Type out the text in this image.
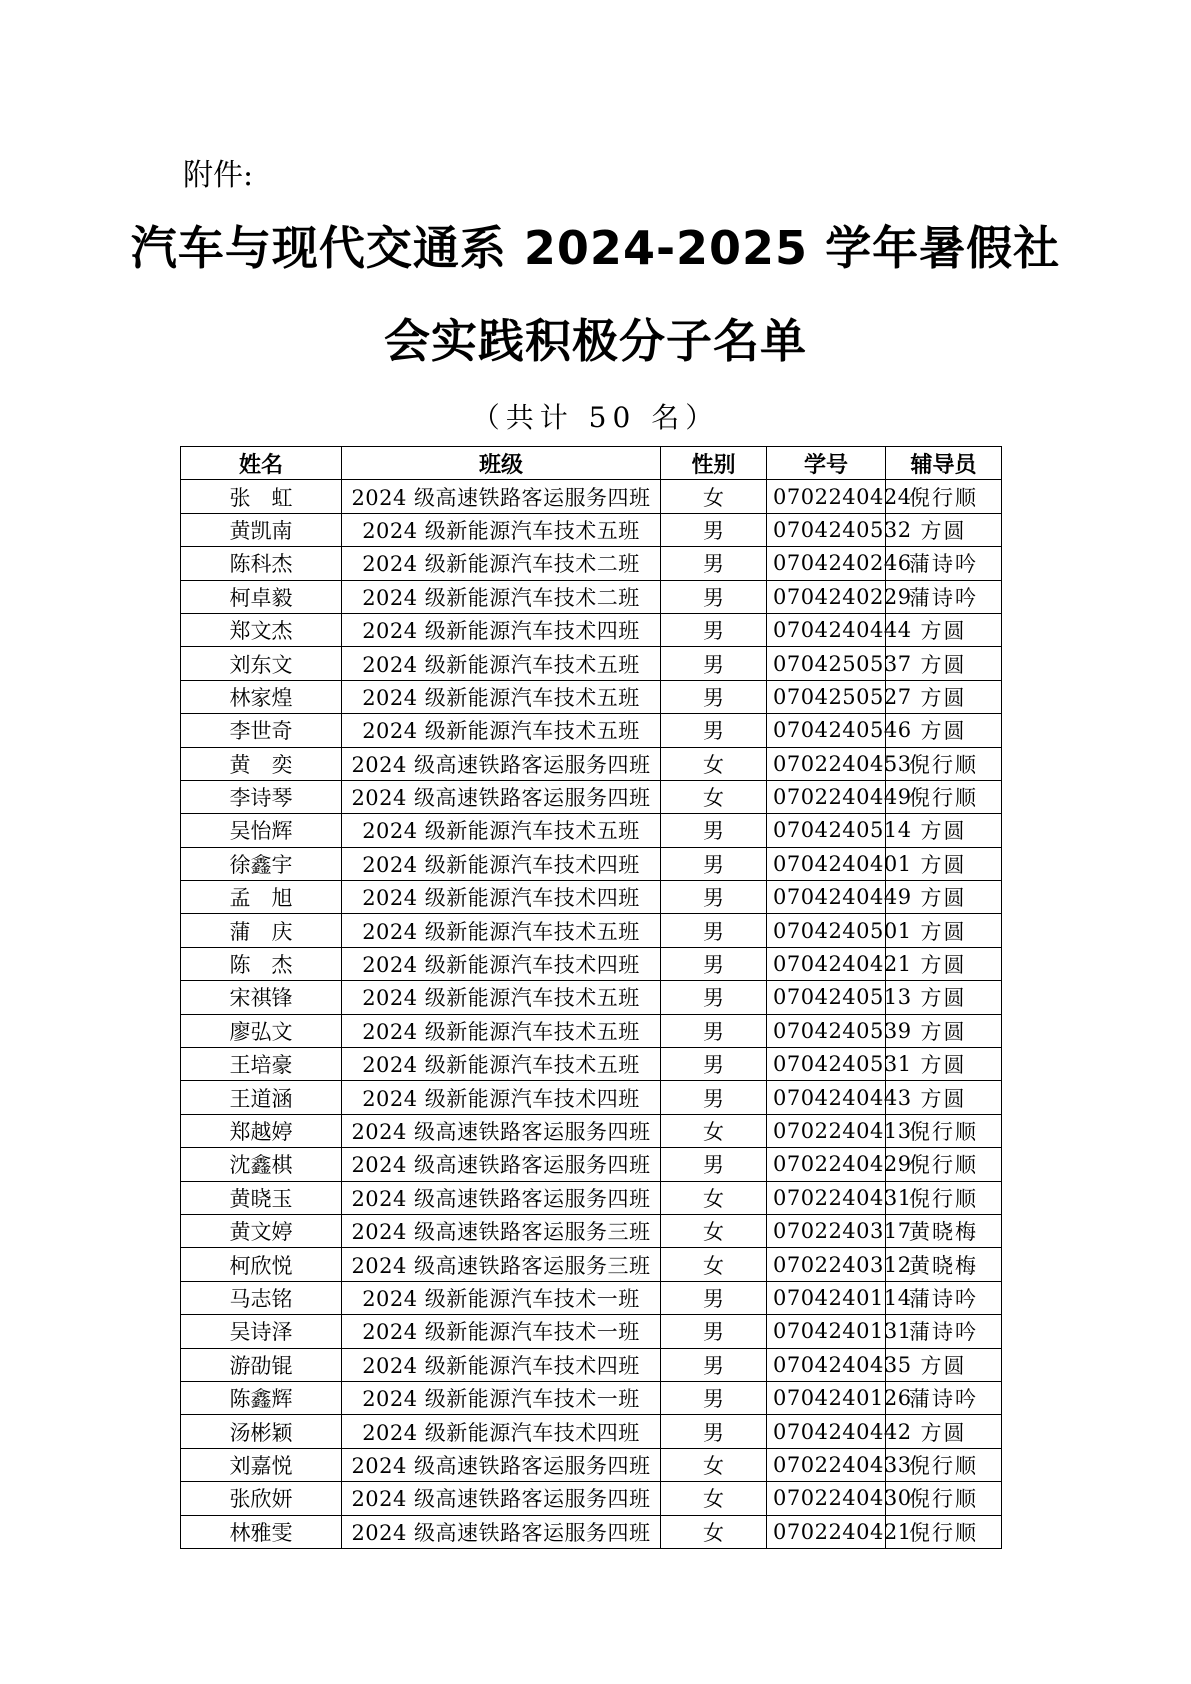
附件:
汽车与现代交通系 2024-2025 学年暑假社
会实践积极分子名单
（共计 50 名）
姓名	班级	性别	学号	辅导员
张　虹	2024 级高速铁路客运服务四班	女	0702240424	倪行顺
黄凯南	2024 级新能源汽车技术五班	男	0704240532	方圆
陈科杰	2024 级新能源汽车技术二班	男	0704240246	蒲诗吟
柯卓毅	2024 级新能源汽车技术二班	男	0704240229	蒲诗吟
郑文杰	2024 级新能源汽车技术四班	男	0704240444	方圆
刘东文	2024 级新能源汽车技术五班	男	0704250537	方圆
林家煌	2024 级新能源汽车技术五班	男	0704250527	方圆
李世奇	2024 级新能源汽车技术五班	男	0704240546	方圆
黄　奕	2024 级高速铁路客运服务四班	女	0702240453	倪行顺
李诗琴	2024 级高速铁路客运服务四班	女	0702240449	倪行顺
吴怡辉	2024 级新能源汽车技术五班	男	0704240514	方圆
徐鑫宇	2024 级新能源汽车技术四班	男	0704240401	方圆
孟　旭	2024 级新能源汽车技术四班	男	0704240449	方圆
蒲　庆	2024 级新能源汽车技术五班	男	0704240501	方圆
陈　杰	2024 级新能源汽车技术四班	男	0704240421	方圆
宋祺锋	2024 级新能源汽车技术五班	男	0704240513	方圆
廖弘文	2024 级新能源汽车技术五班	男	0704240539	方圆
王培豪	2024 级新能源汽车技术五班	男	0704240531	方圆
王道涵	2024 级新能源汽车技术四班	男	0704240443	方圆
郑越婷	2024 级高速铁路客运服务四班	女	0702240413	倪行顺
沈鑫棋	2024 级高速铁路客运服务四班	男	0702240429	倪行顺
黄晓玉	2024 级高速铁路客运服务四班	女	0702240431	倪行顺
黄文婷	2024 级高速铁路客运服务三班	女	0702240317	黄晓梅
柯欣悦	2024 级高速铁路客运服务三班	女	0702240312	黄晓梅
马志铭	2024 级新能源汽车技术一班	男	0704240114	蒲诗吟
吴诗泽	2024 级新能源汽车技术一班	男	0704240131	蒲诗吟
游劭锟	2024 级新能源汽车技术四班	男	0704240435	方圆
陈鑫辉	2024 级新能源汽车技术一班	男	0704240126	蒲诗吟
汤彬颖	2024 级新能源汽车技术四班	男	0704240442	方圆
刘嘉悦	2024 级高速铁路客运服务四班	女	0702240433	倪行顺
张欣妍	2024 级高速铁路客运服务四班	女	0702240430	倪行顺
林雅雯	2024 级高速铁路客运服务四班	女	0702240421	倪行顺
